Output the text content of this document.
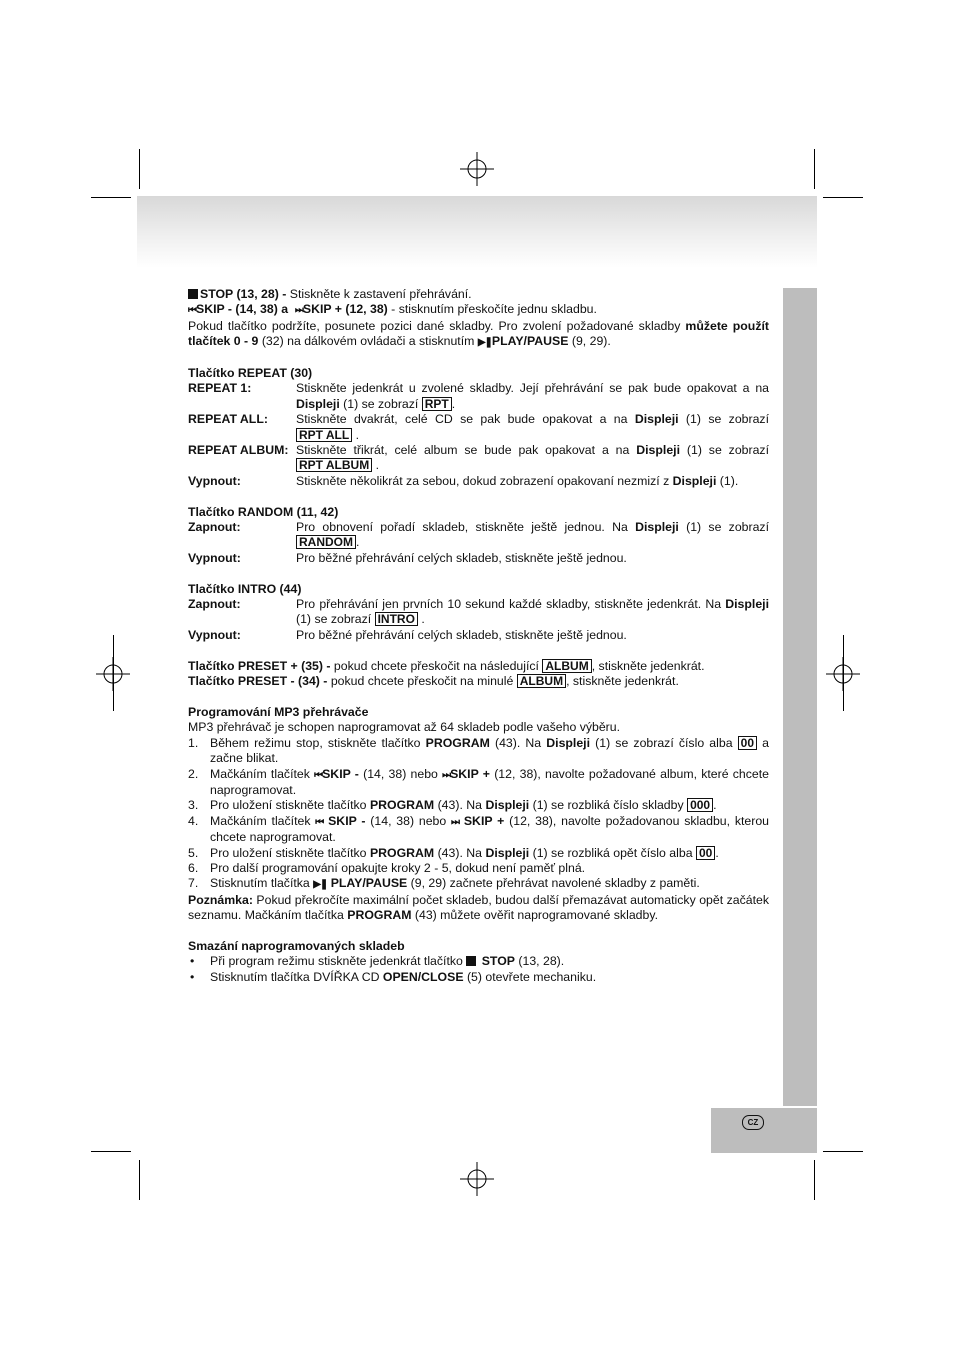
CZ

STOP (13, 28) - Stiskněte k zastavení přehrávání.

⏮SKIP - (14, 38) a ⏭SKIP + (12, 38) - stisknutím přeskočíte jednu skladbu.

Pokud tlačítko podržíte, posunete pozici dané skladby. Pro zvolení požadované skladby můžete použít tlačítek 0 - 9 (32) na dálkovém ovládači a stisknutím ▶❚PLAY/PAUSE (9, 29).

Tlačítko REPEAT (30)

REPEAT 1:	Stiskněte jedenkrát u zvolené skladby. Její přehrávání se pak bude opakovat a na Displeji (1) se zobrazí RPT .
REPEAT ALL:	Stiskněte dvakrát, celé CD se pak bude opakovat a na Displeji (1) se zobrazí RPT ALL .
REPEAT ALBUM: Stiskněte třikrát, celé album se bude pak opakovat a na Displeji (1) se zobrazí RPT ALBUM .
Vypnout:	Stiskněte několikrát za sebou, dokud zobrazení opakovaní nezmizí z Displeji (1).

Tlačítko RANDOM (11, 42)

Zapnout:	Pro obnovení pořadí skladeb, stiskněte ještě jednou. Na Displeji (1) se zobrazí RANDOM .
Vypnout:	Pro běžné přehrávání celých skladeb, stiskněte ještě jednou.

Tlačítko INTRO (44)

Zapnout:	Pro přehrávání jen prvních 10 sekund každé skladby, stiskněte jedenkrát. Na Displeji (1) se zobrazí INTRO .
Vypnout:	Pro běžné přehrávání celých skladeb, stiskněte ještě jednou.

Tlačítko PRESET + (35) - pokud chcete přeskočit na následující ALBUM , stiskněte jedenkrát.

Tlačítko PRESET - (34) - pokud chcete přeskočit na minulé ALBUM , stiskněte jedenkrát.

Programování MP3 přehrávače

MP3 přehrávač je schopen naprogramovat až 64 skladeb podle vašeho výběru.

1. Během režimu stop, stiskněte tlačítko PROGRAM (43). Na Displeji (1) se zobrazí číslo alba 00 a začne blikat.
2. Mačkáním tlačítek ⏮SKIP - (14, 38) nebo ⏭SKIP + (12, 38), navolte požadované album, které chcete naprogramovat.
3. Pro uložení stiskněte tlačítko PROGRAM (43). Na Displeji (1) se rozbliká číslo skladby 000 .
4. Mačkáním tlačítek ⏮ SKIP - (14, 38) nebo ⏭ SKIP + (12, 38), navolte požadovanou skladbu, kterou chcete naprogramovat.
5. Pro uložení stiskněte tlačítko PROGRAM (43). Na Displeji (1) se rozbliká opět číslo alba 00 .
6. Pro další programování opakujte kroky 2 - 5, dokud není paměť plná.
7. Stisknutím tlačítka ▶❚ PLAY/PAUSE (9, 29) začnete přehrávat navolené skladby z paměti.

Poznámka: Pokud překročíte maximální počet skladeb, budou další přemazávat automaticky opět začátek seznamu. Mačkáním tlačítka PROGRAM (43) můžete ověřit naprogramované skladby.

Smazání naprogramovaných skladeb

•	Při program režimu stiskněte jedenkrát tlačítko  STOP (13, 28).
•	Stisknutím tlačítka DVÍŘKA CD OPEN/CLOSE (5) otevřete mechaniku.
